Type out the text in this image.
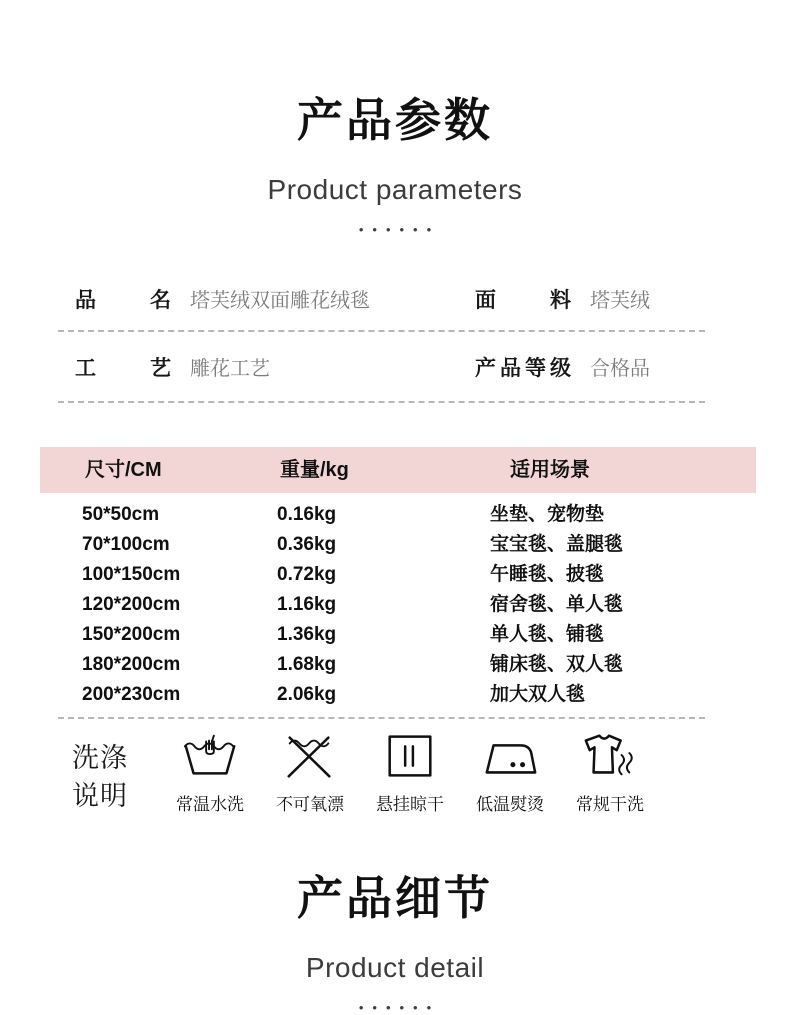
产品参数
Product parameters
••••••
品名 塔芙绒双面雕花绒毯	面料 塔芙绒
工艺 雕花工艺	产品等级 合格品
尺寸/CM	重量/kg	适用场景
50*50cm	0.16kg	坐垫、宠物垫
70*100cm	0.36kg	宝宝毯、盖腿毯
100*150cm	0.72kg	午睡毯、披毯
120*200cm	1.16kg	宿舍毯、单人毯
150*200cm	1.36kg	单人毯、铺毯
180*200cm	1.68kg	铺床毯、双人毯
200*230cm	2.06kg	加大双人毯
洗涤
说明	常温水洗	不可氧漂	悬挂晾干	低温熨烫	常规干洗
产品细节
Product detail
••••••
